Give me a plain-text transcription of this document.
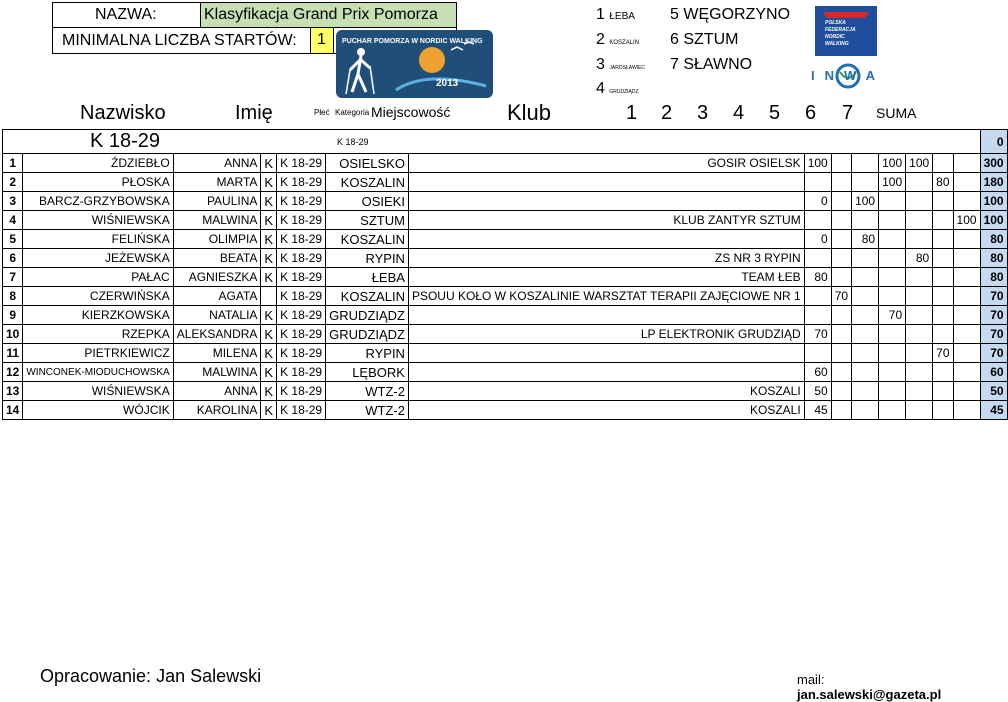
NAZWA:	Klasyfikacja Grand Prix Pomorza
MINIMALNA LICZBA STARTÓW: 1 PUCHAR POMORZA W NORDIC WALKING
2013
1 ŁEBA
2 KOSZALIN
3 JAROSŁAWIEC
4 GRUDZIĄDZ
5 WĘGORZYNO
6 SZTUM
7 SŁAWNO
POLSKA FEDERACJA NORDIC WALKING
INWA
Nazwisko	Imię	Płeć Kategoria Miejscowość	Klub	1 2 3 4 5 6 7 SUMA
K 18-29	K 18-29
														0
1	ŹDZIEBŁO	ANNA	K	K 18-29	OSIELSKO	GOSIR OSIELSK	100			100	100			300
2	PŁOSKA	MARTA	K	K 18-29	KOSZALIN					100		80		180
3	BARCZ-GRZYBOWSKA	PAULINA	K	K 18-29	OSIEKI		0		100					100
4	WIŚNIEWSKA	MALWINA	K	K 18-29	SZTUM	KLUB ZANTYR SZTUM							100	100
5	FELIŃSKA	OLIMPIA	K	K 18-29	KOSZALIN		0		80					80
6	JEŻEWSKA	BEATA	K	K 18-29	RYPIN	ZS NR 3 RYPIN					80			80
7	PAŁAC	AGNIESZKA	K	K 18-29	ŁEBA	TEAM ŁEB	80							80
8	CZERWIŃSKA	AGATA		K 18-29	KOSZALIN	PSOUU KOŁO W KOSZALINIE WARSZTAT TERAPII ZAJĘCIOWE NR 1		70						70
9	KIERZKOWSKA	NATALIA	K	K 18-29	GRUDZIĄDZ					70				70
10	RZEPKA	ALEKSANDRA	K	K 18-29	GRUDZIĄDZ	LP ELEKTRONIK GRUDZIĄD	70							70
11	PIETRKIEWICZ	MILENA	K	K 18-29	RYPIN							70		70
12	WINCONEK-MIODUCHOWSKA	MALWINA	K	K 18-29	LĘBORK		60							60
13	WIŚNIEWSKA	ANNA	K	K 18-29	WTZ-2	KOSZALI	50							50
14	WÓJCIK	KAROLINA	K	K 18-29	WTZ-2	KOSZALI	45							45
Opracowanie: Jan Salewski	mail: jan.salewski@gazeta.pl
